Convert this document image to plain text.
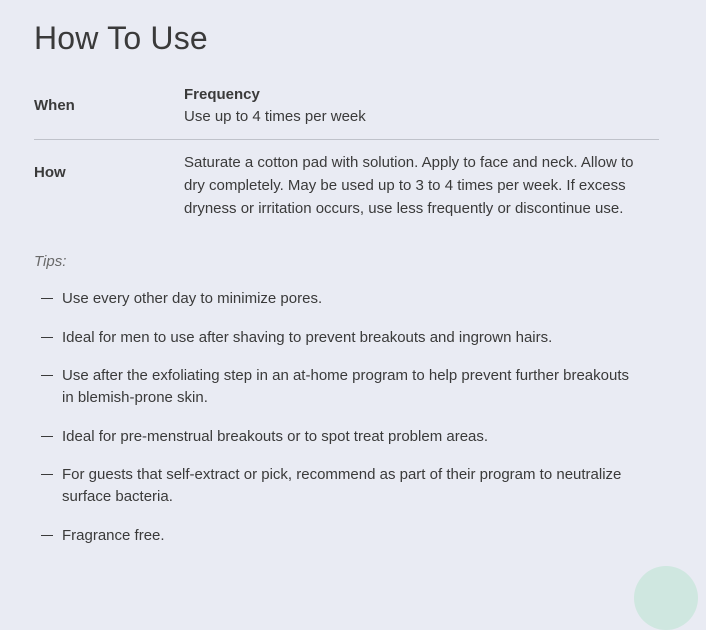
How To Use
When
Frequency
Use up to 4 times per week
How
Saturate a cotton pad with solution. Apply to face and neck. Allow to
dry completely. May be used up to 3 to 4 times per week. If excess
dryness or irritation occurs, use less frequently or discontinue use.
Tips:
Use every other day to minimize pores.
Ideal for men to use after shaving to prevent breakouts and ingrown hairs.
Use after the exfoliating step in an at-home program to help prevent further breakouts
in blemish-prone skin.
Ideal for pre-menstrual breakouts or to spot treat problem areas.
For guests that self-extract or pick, recommend as part of their program to neutralize
surface bacteria.
Fragrance free.
